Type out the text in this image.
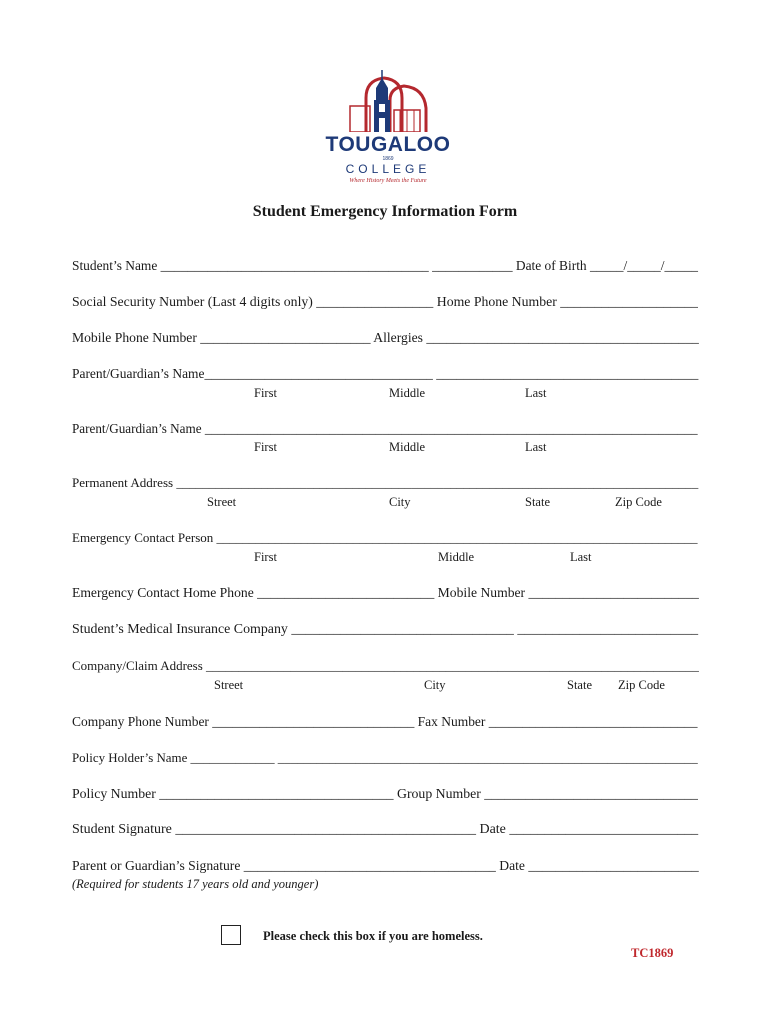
TOUGALOO
1869
COLLEGE
Where History Meets the Future
Student Emergency Information Form
Student’s Name ________________________________________ ____________ Date of Birth _____/_____/_____
Social Security Number (Last 4 digits only) _________________ Home Phone Number ____________________
Mobile Phone Number _________________________ Allergies ________________________________________
Parent/Guardian’s Name__________________________________ _______________________________________
First	Middle	Last
Parent/Guardian’s Name ___________________________________________________________________________
First	Middle	Last
Permanent Address ________________________________________________________________________________
Street	City	State	Zip Code
Emergency Contact Person __________________________________________________________________________
First	Middle	Last
Emergency Contact Home Phone __________________________ Mobile Number _________________________
Student’s Medical Insurance Company ________________________________ __________________________
Company/Claim Address ____________________________________________________________________________
Street	City	State Zip Code
Company Phone Number ______________________________ Fax Number _______________________________
Policy Holder’s Name _____________ _________________________________________________________________
Policy Number __________________________________ Group Number _______________________________
Student Signature ___________________________________________ Date ___________________________
Parent or Guardian’s Signature _____________________________________ Date _________________________
(Required for students 17 years old and younger)
Please check this box if you are homeless.
TC1869
